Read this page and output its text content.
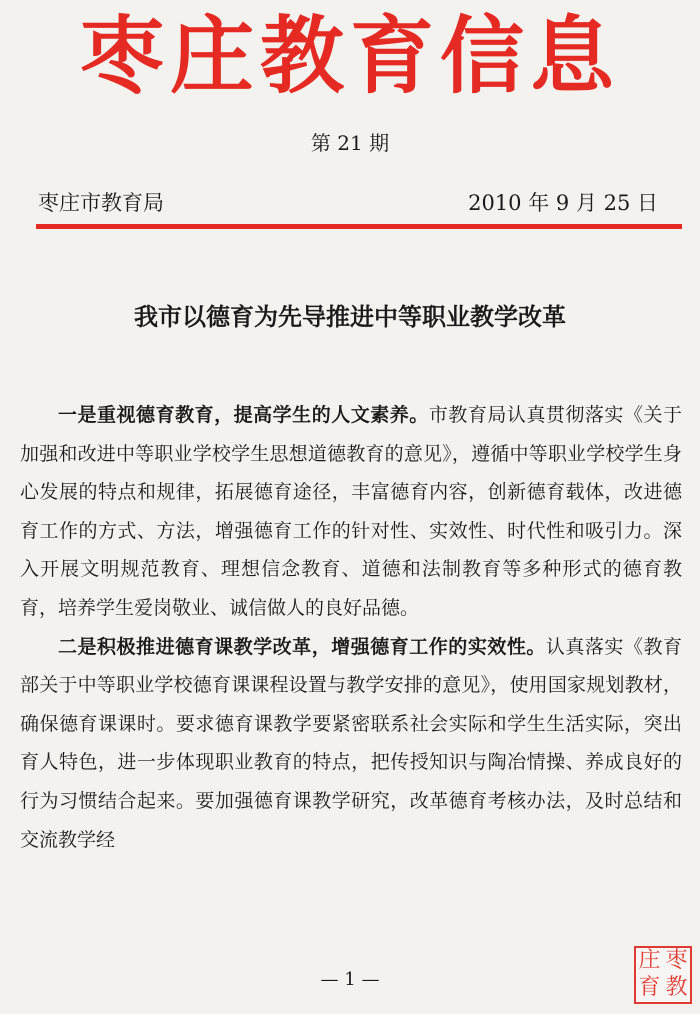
枣庄教育信息
第 21 期
枣庄市教育局	2010 年 9 月 25 日
我市以德育为先导推进中等职业教学改革

一是重视德育教育，提高学生的人文素养。市教育局认真贯彻落实《关于加强和改进中等职业学校学生思想道德教育的意见》，遵循中等职业学校学生身心发展的特点和规律，拓展德育途径，丰富德育内容，创新德育载体，改进德育工作的方式、方法，增强德育工作的针对性、实效性、时代性和吸引力。深入开展文明规范教育、理想信念教育、道德和法制教育等多种形式的德育教育，培养学生爱岗敬业、诚信做人的良好品德。

二是积极推进德育课教学改革，增强德育工作的实效性。认真落实《教育部关于中等职业学校德育课课程设置与教学安排的意见》，使用国家规划教材，确保德育课课时。要求德育课教学要紧密联系社会实际和学生生活实际，突出育人特色，进一步体现职业教育的特点，把传授知识与陶冶情操、养成良好的行为习惯结合起来。要加强德育课教学研究，改革德育考核办法，及时总结和交流教学经

— 1 —
庄 枣
育 教
